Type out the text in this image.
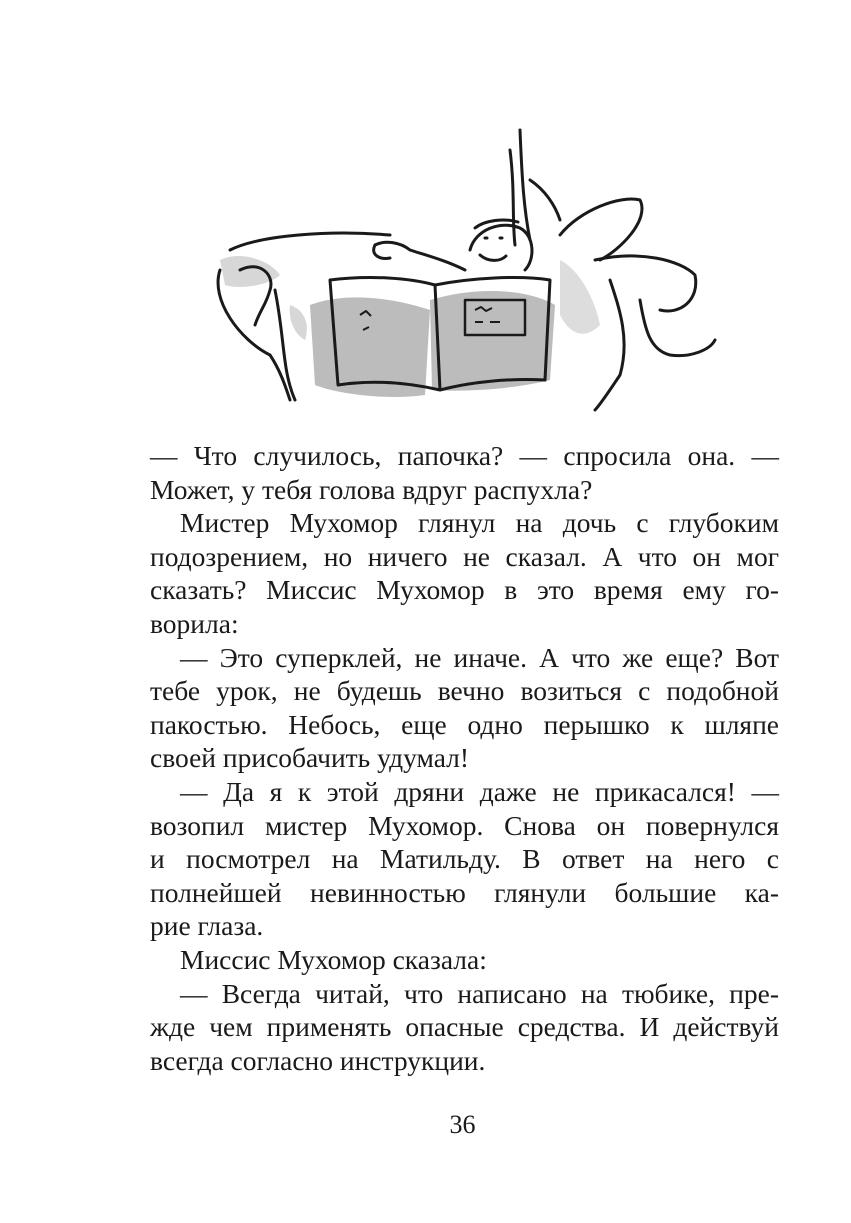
— Что случилось, папочка? — спросила она. —
Может, у тебя голова вдруг распухла?
Мистер Мухомор глянул на дочь с глубоким
подозрением, но ничего не сказал. А что он мог
сказать? Миссис Мухомор в это время ему го-
ворила:
— Это суперклей, не иначе. А что же еще? Вот
тебе урок, не будешь вечно возиться с подобной
пакостью. Небось, еще одно перышко к шляпе
своей присобачить удумал!
— Да я к этой дряни даже не прикасался! —
возопил мистер Мухомор. Снова он повернулся
и посмотрел на Матильду. В ответ на него с
полнейшей невинностью глянули большие ка-
рие глаза.
Миссис Мухомор сказала:
— Всегда читай, что написано на тюбике, пре-
жде чем применять опасные средства. И действуй
всегда согласно инструкции.
36
